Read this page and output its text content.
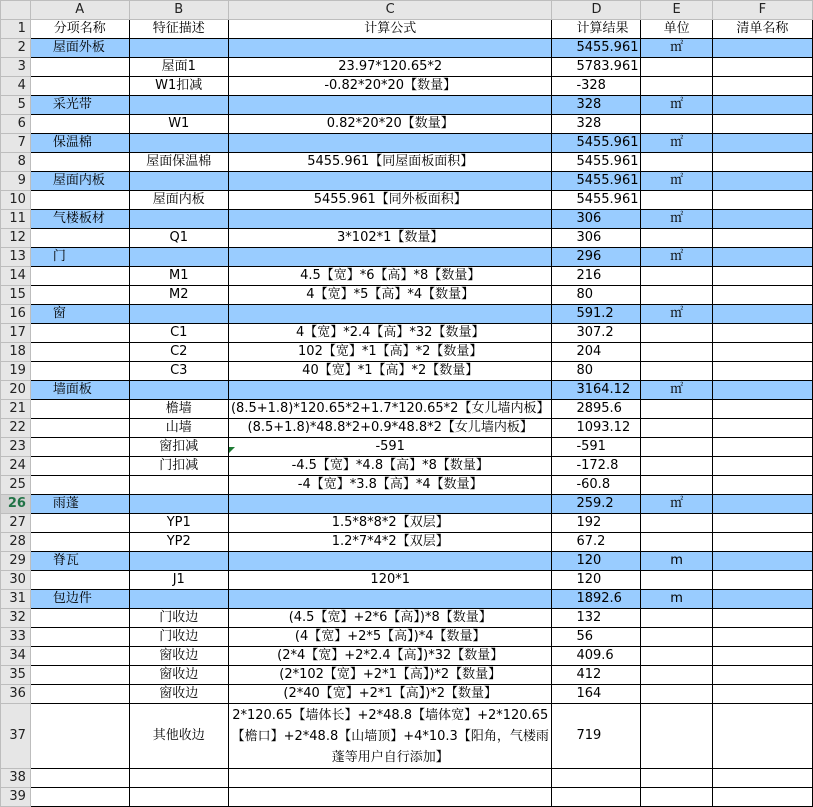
	A	B	C	D	E	F
1	分项名称	特征描述	计算公式	计算结果	单位	清单名称
2	屋面外板			5455.961	㎡	
3		屋面1	23.97*120.65*2	5783.961		
4		W1扣减	-0.82*20*20【数量】	-328		
5	采光带			328	㎡	
6		W1	0.82*20*20【数量】	328		
7	保温棉			5455.961	㎡	
8		屋面保温棉	5455.961【同屋面板面积】	5455.961		
9	屋面内板			5455.961	㎡	
10		屋面内板	5455.961【同外板面积】	5455.961		
11	气楼板材			306	㎡	
12		Q1	3*102*1【数量】	306		
13	门			296	㎡	
14		M1	4.5【宽】*6【高】*8【数量】	216		
15		M2	4【宽】*5【高】*4【数量】	80		
16	窗			591.2	㎡	
17		C1	4【宽】*2.4【高】*32【数量】	307.2		
18		C2	102【宽】*1【高】*2【数量】	204		
19		C3	40【宽】*1【高】*2【数量】	80		
20	墙面板			3164.12	㎡	
21		檐墙	(8.5+1.8)*120.65*2+1.7*120.65*2【女儿墙内板】	2895.6		
22		山墙	(8.5+1.8)*48.8*2+0.9*48.8*2【女儿墙内板】	1093.12		
23		窗扣减	-591	-591		
24		门扣减	-4.5【宽】*4.8【高】*8【数量】	-172.8		
25			-4【宽】*3.8【高】*4【数量】	-60.8		
26	雨蓬			259.2	㎡	
27		YP1	1.5*8*8*2【双层】	192		
28		YP2	1.2*7*4*2【双层】	67.2		
29	脊瓦			120	m	
30		J1	120*1	120		
31	包边件			1892.6	m	
32		门收边	(4.5【宽】+2*6【高】)*8【数量】	132		
33		门收边	(4【宽】+2*5【高】)*4【数量】	56		
34		窗收边	(2*4【宽】+2*2.4【高】)*32【数量】	409.6		
35		窗收边	(2*102【宽】+2*1【高】)*2【数量】	412		
36		窗收边	(2*40【宽】+2*1【高】)*2【数量】	164		
37		其他收边	2*120.65【墙体长】+2*48.8【墙体宽】+2*120.65【檐口】+2*48.8【山墙顶】+4*10.3【阳角，气楼雨蓬等用户自行添加】	719		
38						
39						
